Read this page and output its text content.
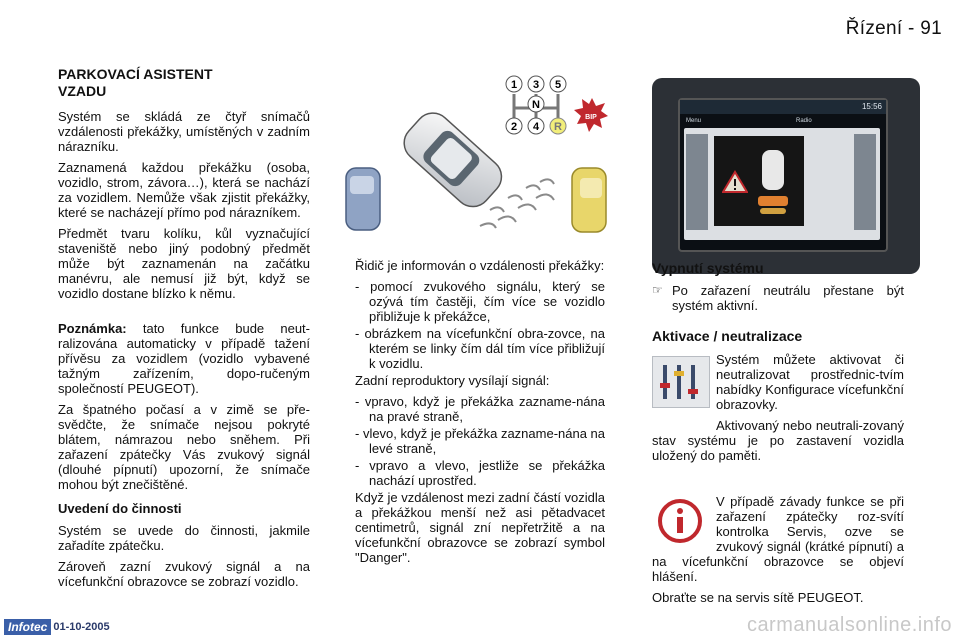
Řízení - 91
PARKOVACÍ ASISTENT VZADU

Systém se skládá ze čtyř snímačů vzdálenosti překážky, umístěných v zadním nárazníku.

Zaznamená každou překážku (osoba, vozidlo, strom, závora…), která se nachází za vozidlem. Nemůže však zjistit překážky, které se nacházejí přímo pod nárazníkem.

Předmět tvaru kolíku, kůl vyznačující staveniště nebo jiný podobný předmět může být zaznamenán na začátku manévru, ale nemusí již být, když se vozidlo dostane blízko k němu.

Poznámka: tato funkce bude neut-ralizována automaticky v případě tažení přívěsu za vozidlem (vozidlo vybavené tažným zařízením, dopo-ručeným společností PEUGEOT).

Za špatného počasí a v zimě se pře-svědčte, že snímače nejsou pokryté blátem, námrazou nebo sněhem. Při zařazení zpátečky Vás zvukový signál (dlouhé pípnutí) upozorní, že snímače mohou být znečištěné.

Uvedení do činnosti

Systém se uvede do činnosti, jakmile zařadíte zpátečku.

Zároveň zazní zvukový signál a na vícefunkční obrazovce se zobrazí vozidlo.

1 3 5
N
2 4 R
BIP
15:56
Menu	Radio

Řidič je informován o vzdálenosti překážky:

- pomocí zvukového signálu, který se ozývá tím častěji, čím více se vozidlo přibližuje k překážce,

- obrázkem na vícefunkční obra-zovce, na kterém se linky čím dál tím více přibližují k vozidlu.

Zadní reproduktory vysílají signál:

- vpravo, když je překážka zazname-nána na pravé straně,

- vlevo, když je překážka zazname-nána na levé straně,

- vpravo a vlevo, jestliže se překážka nachází uprostřed.

Když je vzdálenost mezi zadní částí vozidla a překážkou menší než asi pětadvacet centimetrů, signál zní nepřetržitě a na vícefunkční obrazovce se zobrazí symbol "Danger".

Vypnutí systému
☞ Po zařazení neutrálu přestane být systém aktivní.

Aktivace / neutralizace

Systém můžete aktivovat či neutralizovat prostřednic-tvím nabídky Konfigurace vícefunkční obrazovky.

Aktivovaný nebo neutrali-zovaný stav systému je po zastavení vozidla uložený do paměti.

V případě závady funkce se při zařazení zpátečky roz-svítí kontrolka Servis, ozve se zvukový signál (krátké pípnutí) a na vícefunkční obrazovce se objeví hlášení.

Obraťte se na servis sítě PEUGEOT.

Infotec 01-10-2005	carmanualsonline.info
